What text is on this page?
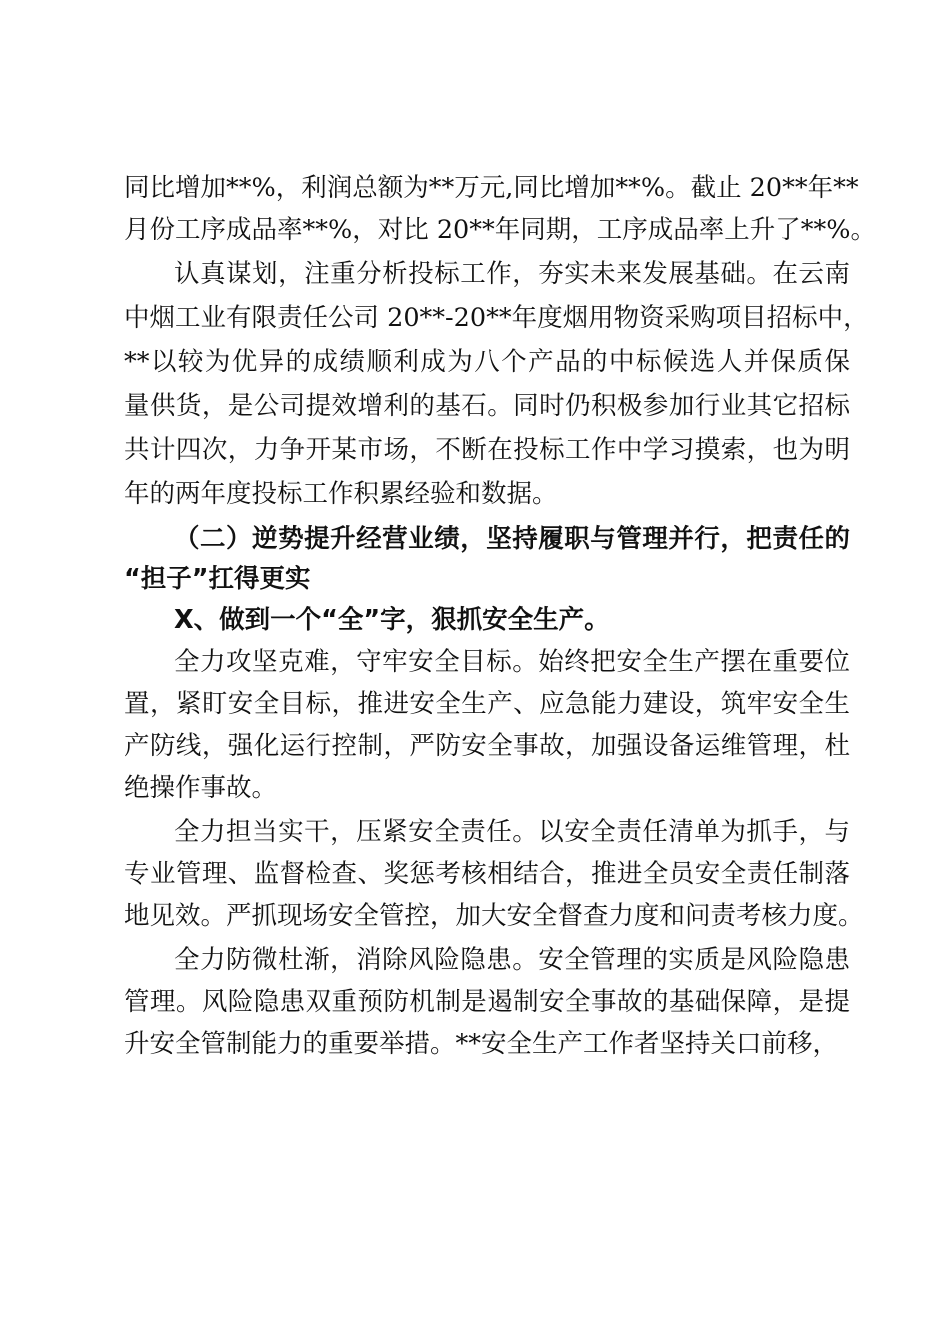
同比增加**%，利润总额为**万元,同比增加**%。截止 20**年**
月份工序成品率**%，对比 20**年同期，工序成品率上升了**%。
认真谋划，注重分析投标工作，夯实未来发展基础。在云南
中烟工业有限责任公司 20**-20**年度烟用物资采购项目招标中，
**以较为优异的成绩顺利成为八个产品的中标候选人并保质保
量供货，是公司提效增利的基石。同时仍积极参加行业其它招标
共计四次，力争开某市场，不断在投标工作中学习摸索，也为明
年的两年度投标工作积累经验和数据。
（二）逆势提升经营业绩，坚持履职与管理并行，把责任的
“担子”扛得更实
X、做到一个“全”字，狠抓安全生产。
全力攻坚克难，守牢安全目标。始终把安全生产摆在重要位
置，紧盯安全目标，推进安全生产、应急能力建设，筑牢安全生
产防线，强化运行控制，严防安全事故，加强设备运维管理，杜
绝操作事故。
全力担当实干，压紧安全责任。以安全责任清单为抓手，与
专业管理、监督检查、奖惩考核相结合，推进全员安全责任制落
地见效。严抓现场安全管控，加大安全督查力度和问责考核力度。
全力防微杜渐，消除风险隐患。安全管理的实质是风险隐患
管理。风险隐患双重预防机制是遏制安全事故的基础保障，是提
升安全管制能力的重要举措。**安全生产工作者坚持关口前移，
